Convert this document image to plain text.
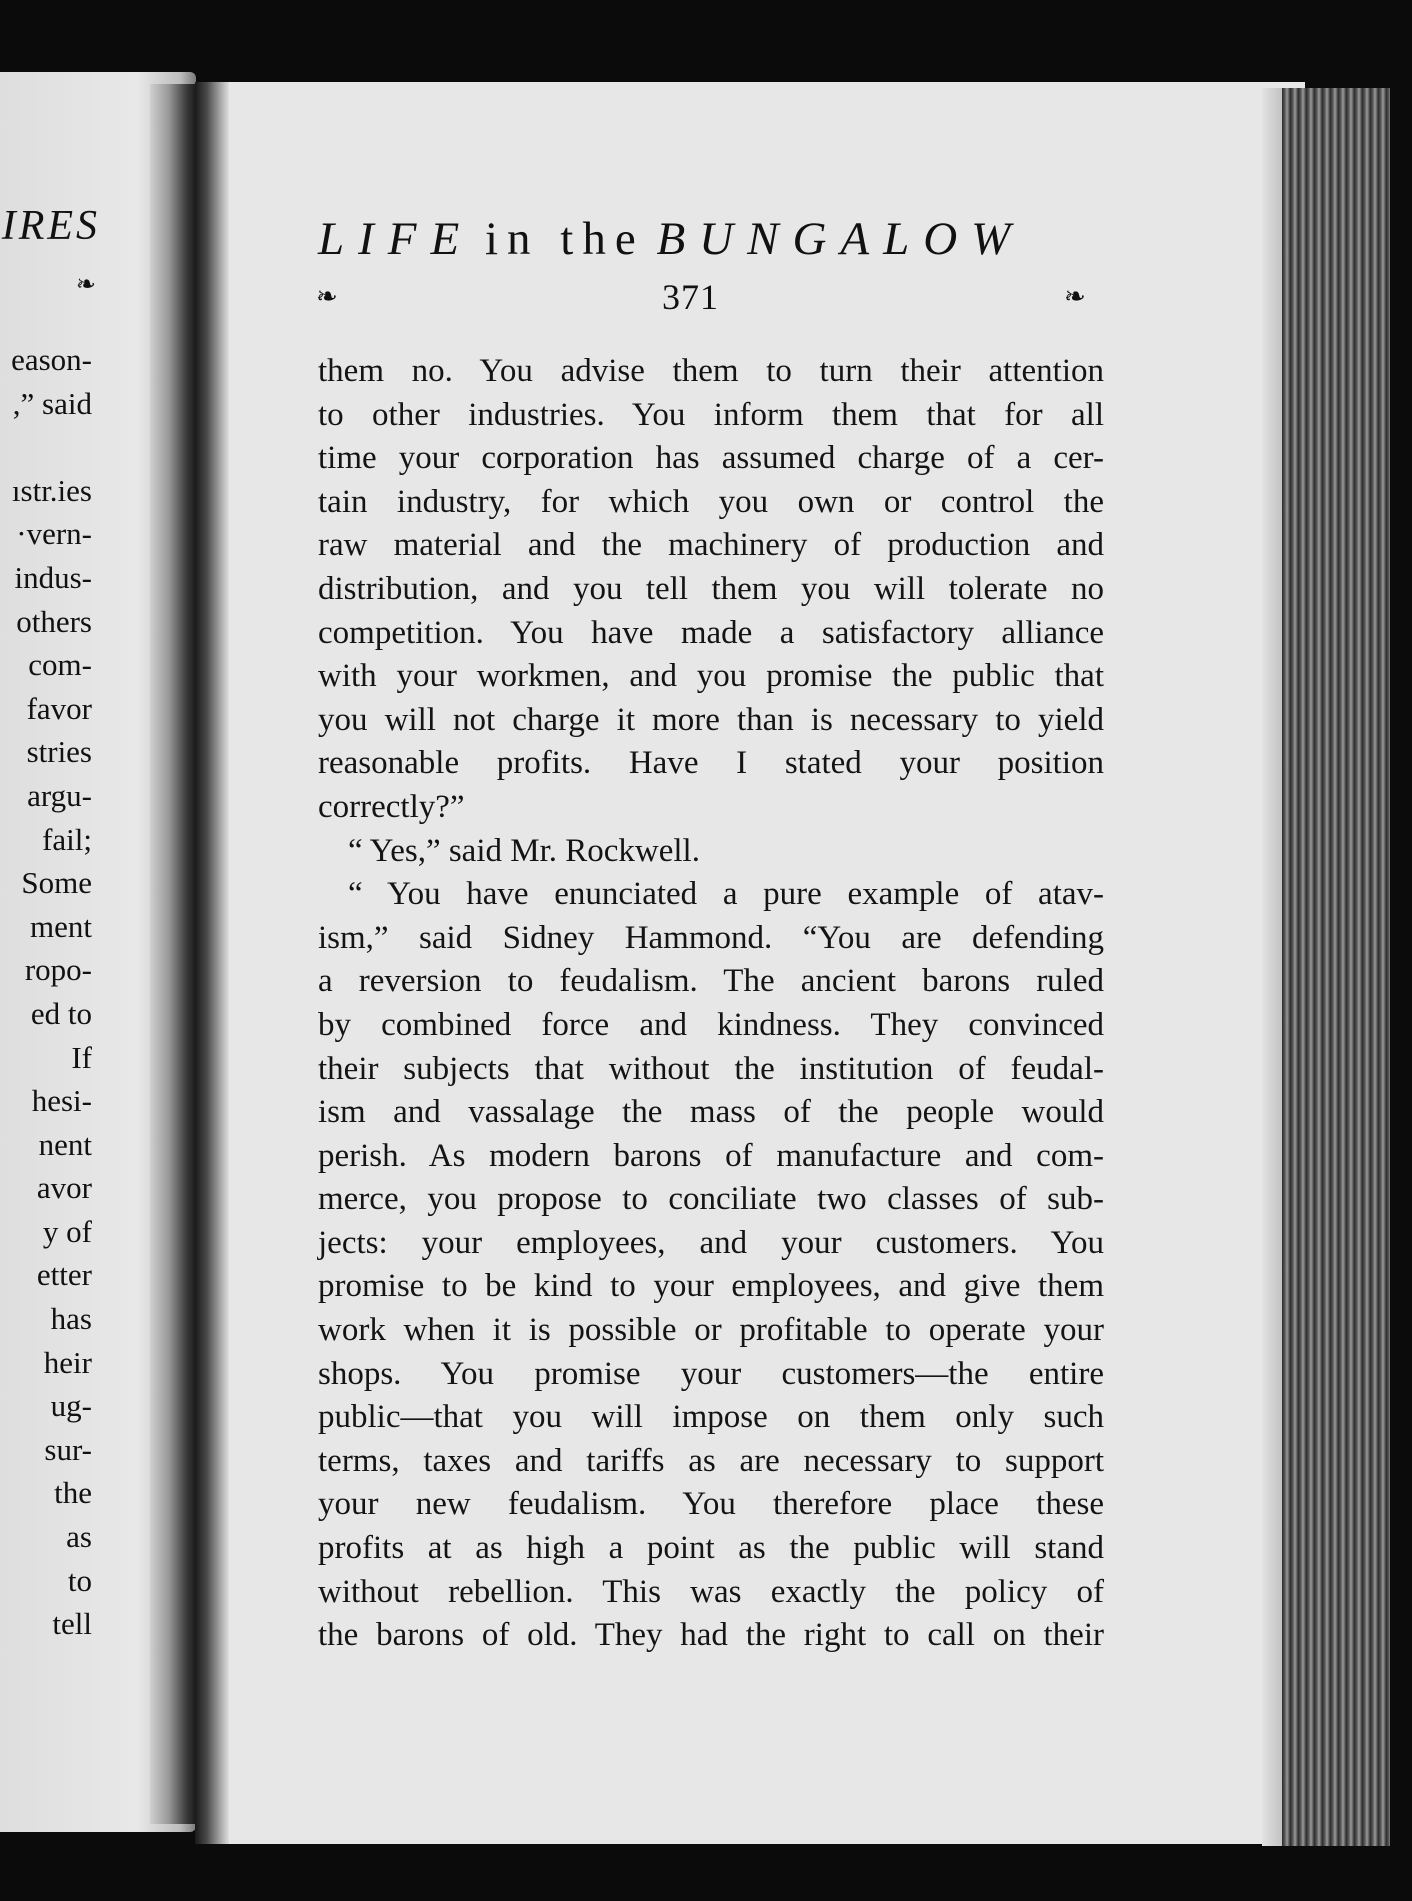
IRES
❧
eason-
,” said

ıstr.ies
·vern-
indus-
others
com-
favor
stries
argu-
fail;
Some
ment
ropo-
ed to
If
hesi-
nent
avor
y of
etter
has
heir
ug-
sur-
the
as
to
tell
LIFE in the BUNGALOW
❧	371	❧
them no. You advise them to turn their attention
to other industries. You inform them that for all
time your corporation has assumed charge of a cer-
tain industry, for which you own or control the
raw material and the machinery of production and
distribution, and you tell them you will tolerate no
competition. You have made a satisfactory alliance
with your workmen, and you promise the public that
you will not charge it more than is necessary to yield
reasonable profits. Have I stated your position
correctly?”
“ Yes,” said Mr. Rockwell.
“ You have enunciated a pure example of atav-
ism,” said Sidney Hammond. “You are defending
a reversion to feudalism. The ancient barons ruled
by combined force and kindness. They convinced
their subjects that without the institution of feudal-
ism and vassalage the mass of the people would
perish. As modern barons of manufacture and com-
merce, you propose to conciliate two classes of sub-
jects: your employees, and your customers. You
promise to be kind to your employees, and give them
work when it is possible or profitable to operate your
shops. You promise your customers—the entire
public—that you will impose on them only such
terms, taxes and tariffs as are necessary to support
your new feudalism. You therefore place these
profits at as high a point as the public will stand
without rebellion. This was exactly the policy of
the barons of old. They had the right to call on their
